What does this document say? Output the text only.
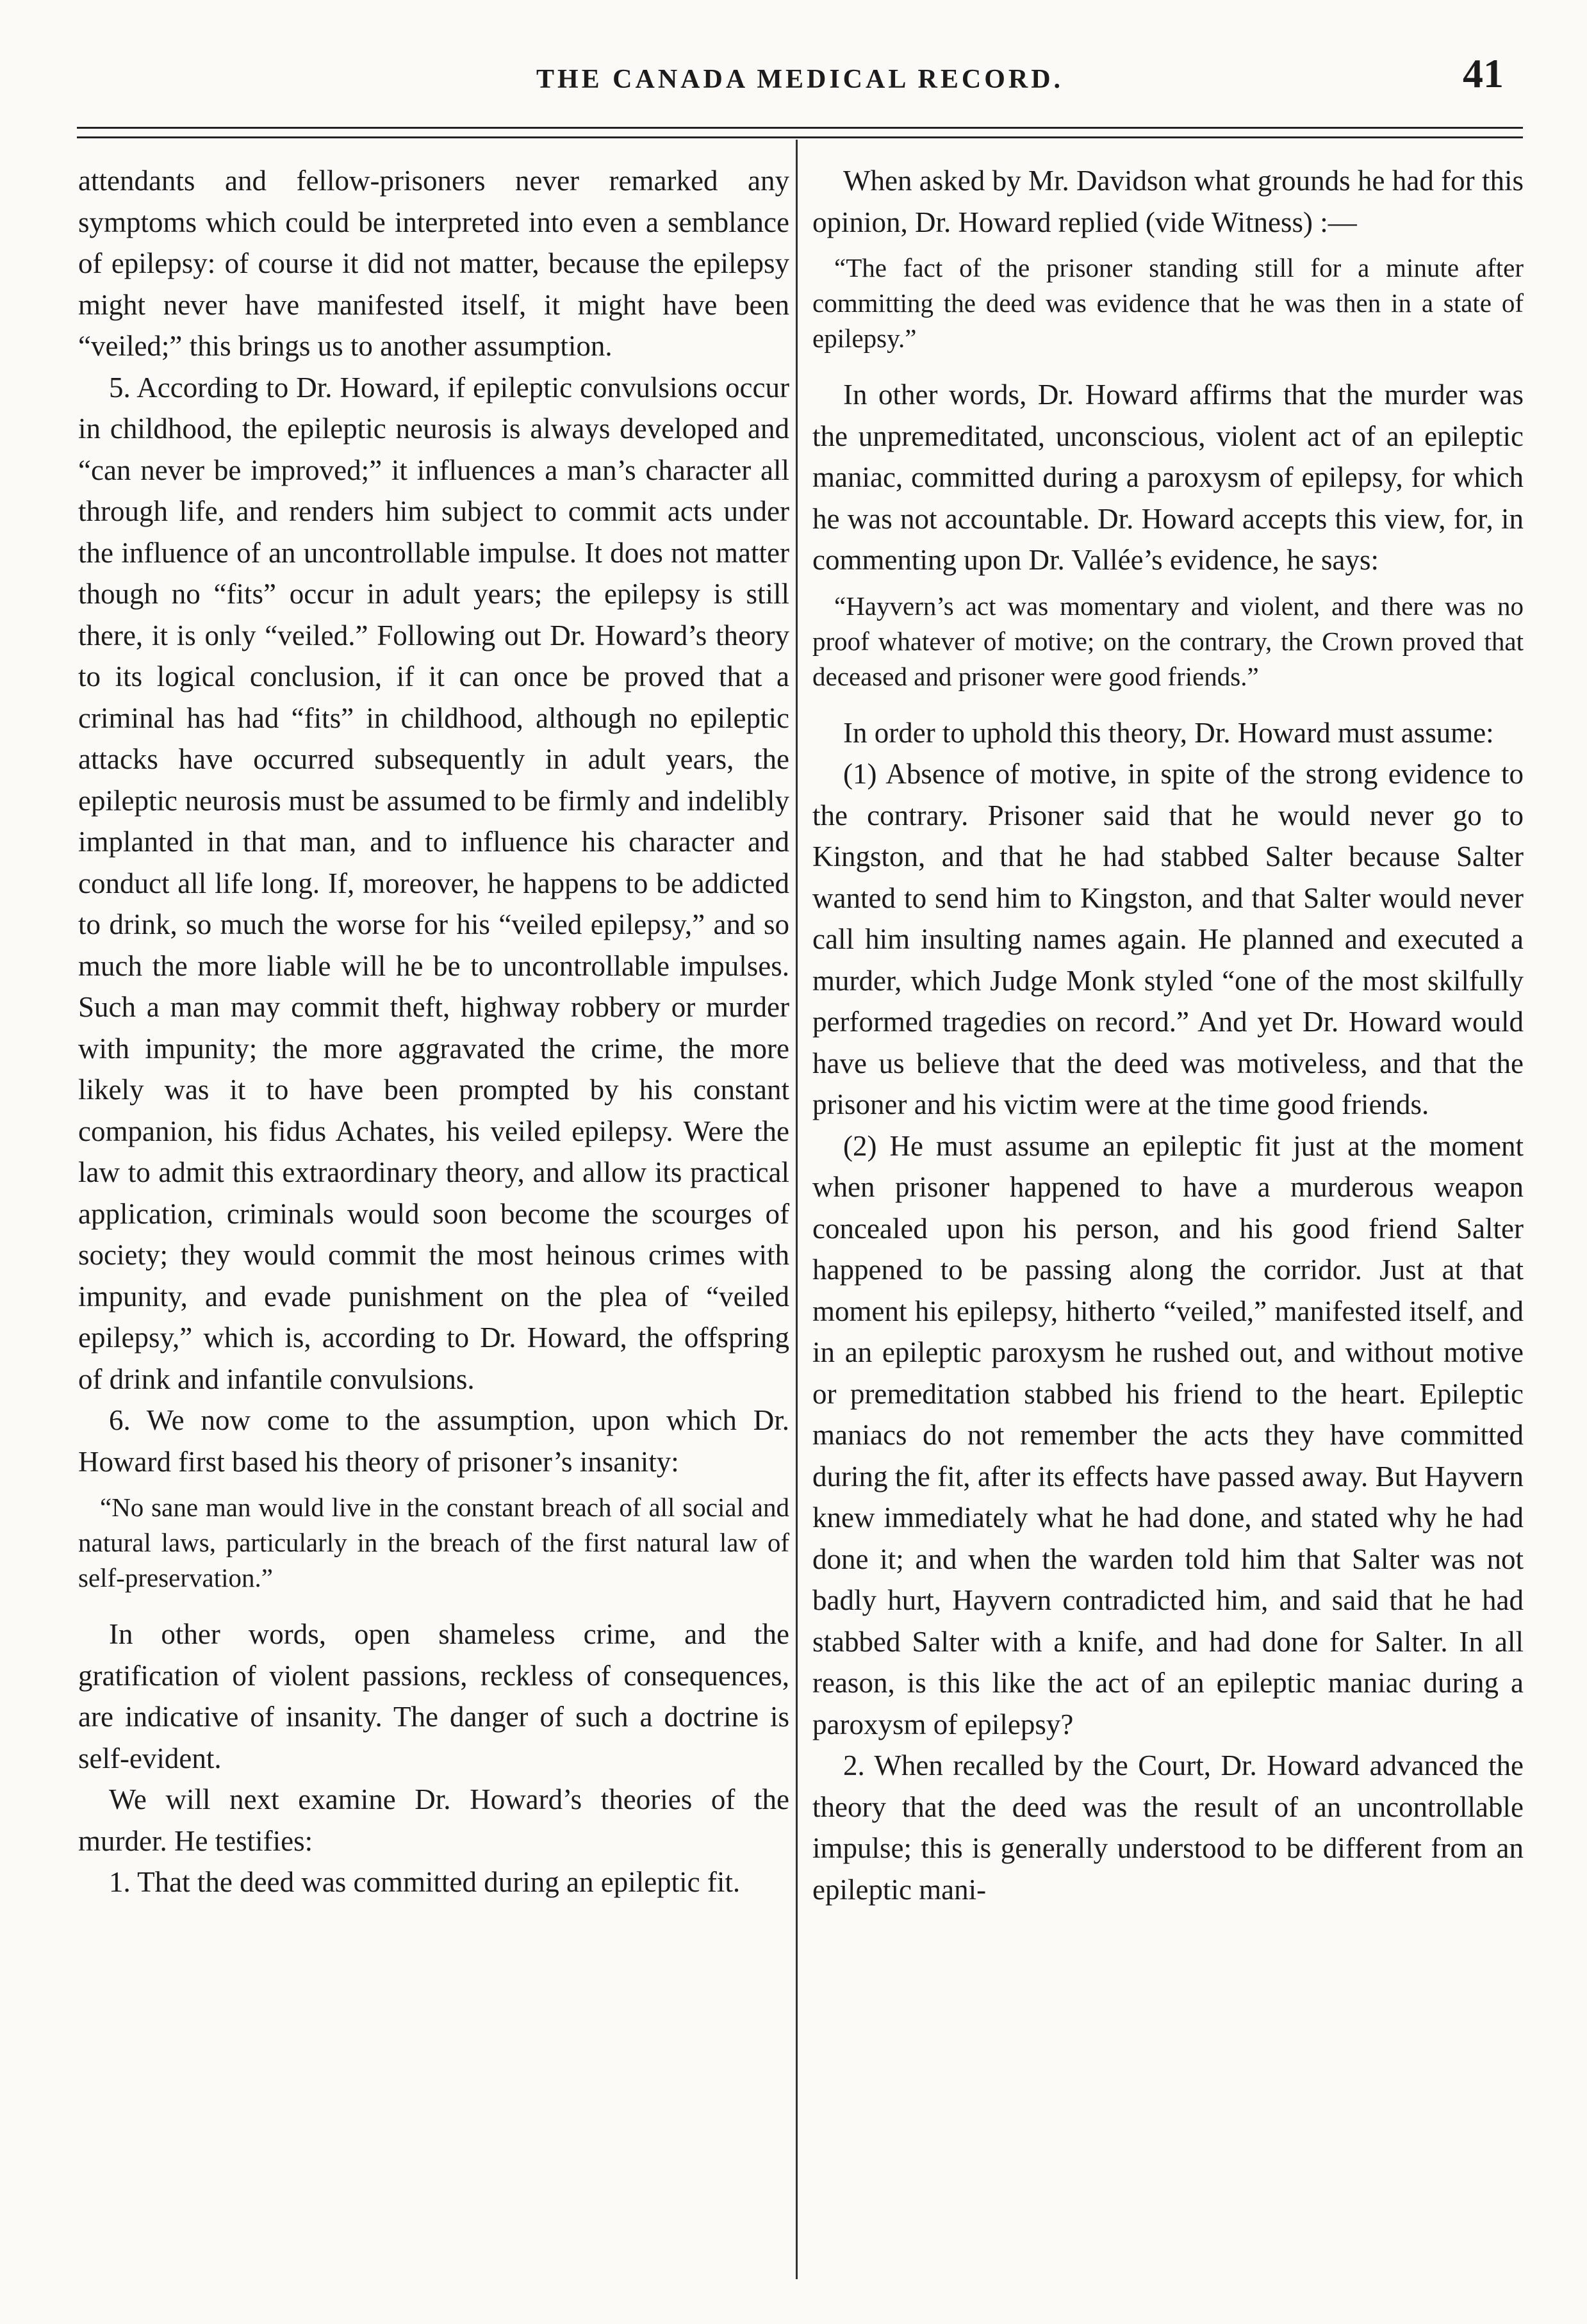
THE CANADA MEDICAL RECORD.	41

attendants and fellow-prisoners never remarked any symptoms which could be interpreted into even a semblance of epilepsy: of course it did not matter, because the epilepsy might never have manifested itself, it might have been “veiled;” this brings us to another assumption.

5. According to Dr. Howard, if epileptic convulsions occur in childhood, the epileptic neurosis is always developed and “can never be improved;” it influences a man’s character all through life, and renders him subject to commit acts under the influence of an uncontrollable impulse. It does not matter though no “fits” occur in adult years; the epilepsy is still there, it is only “veiled.” Following out Dr. Howard’s theory to its logical conclusion, if it can once be proved that a criminal has had “fits” in childhood, although no epileptic attacks have occurred subsequently in adult years, the epileptic neurosis must be assumed to be firmly and indelibly implanted in that man, and to influence his character and conduct all life long. If, moreover, he happens to be addicted to drink, so much the worse for his “veiled epilepsy,” and so much the more liable will he be to uncontrollable impulses. Such a man may commit theft, highway robbery or murder with impunity; the more aggravated the crime, the more likely was it to have been prompted by his constant companion, his fidus Achates, his veiled epilepsy. Were the law to admit this extraordinary theory, and allow its practical application, criminals would soon become the scourges of society; they would commit the most heinous crimes with impunity, and evade punishment on the plea of “veiled epilepsy,” which is, according to Dr. Howard, the offspring of drink and infantile convulsions.

6. We now come to the assumption, upon which Dr. Howard first based his theory of prisoner’s insanity:

“No sane man would live in the constant breach of all social and natural laws, particularly in the breach of the first natural law of self-preservation.”

In other words, open shameless crime, and the gratification of violent passions, reckless of consequences, are indicative of insanity. The danger of such a doctrine is self-evident.

We will next examine Dr. Howard’s theories of the murder. He testifies:

1. That the deed was committed during an epileptic fit.

When asked by Mr. Davidson what grounds he had for this opinion, Dr. Howard replied (vide Witness) :—

“The fact of the prisoner standing still for a minute after committing the deed was evidence that he was then in a state of epilepsy.”

In other words, Dr. Howard affirms that the murder was the unpremeditated, unconscious, violent act of an epileptic maniac, committed during a paroxysm of epilepsy, for which he was not accountable. Dr. Howard accepts this view, for, in commenting upon Dr. Vallée’s evidence, he says:

“Hayvern’s act was momentary and violent, and there was no proof whatever of motive; on the contrary, the Crown proved that deceased and prisoner were good friends.”

In order to uphold this theory, Dr. Howard must assume:

(1) Absence of motive, in spite of the strong evidence to the contrary. Prisoner said that he would never go to Kingston, and that he had stabbed Salter because Salter wanted to send him to Kingston, and that Salter would never call him insulting names again. He planned and executed a murder, which Judge Monk styled “one of the most skilfully performed tragedies on record.” And yet Dr. Howard would have us believe that the deed was motiveless, and that the prisoner and his victim were at the time good friends.

(2) He must assume an epileptic fit just at the moment when prisoner happened to have a murderous weapon concealed upon his person, and his good friend Salter happened to be passing along the corridor. Just at that moment his epilepsy, hitherto “veiled,” manifested itself, and in an epileptic paroxysm he rushed out, and without motive or premeditation stabbed his friend to the heart. Epileptic maniacs do not remember the acts they have committed during the fit, after its effects have passed away. But Hayvern knew immediately what he had done, and stated why he had done it; and when the warden told him that Salter was not badly hurt, Hayvern contradicted him, and said that he had stabbed Salter with a knife, and had done for Salter. In all reason, is this like the act of an epileptic maniac during a paroxysm of epilepsy?

2. When recalled by the Court, Dr. Howard advanced the theory that the deed was the result of an uncontrollable impulse; this is generally understood to be different from an epileptic mani-
